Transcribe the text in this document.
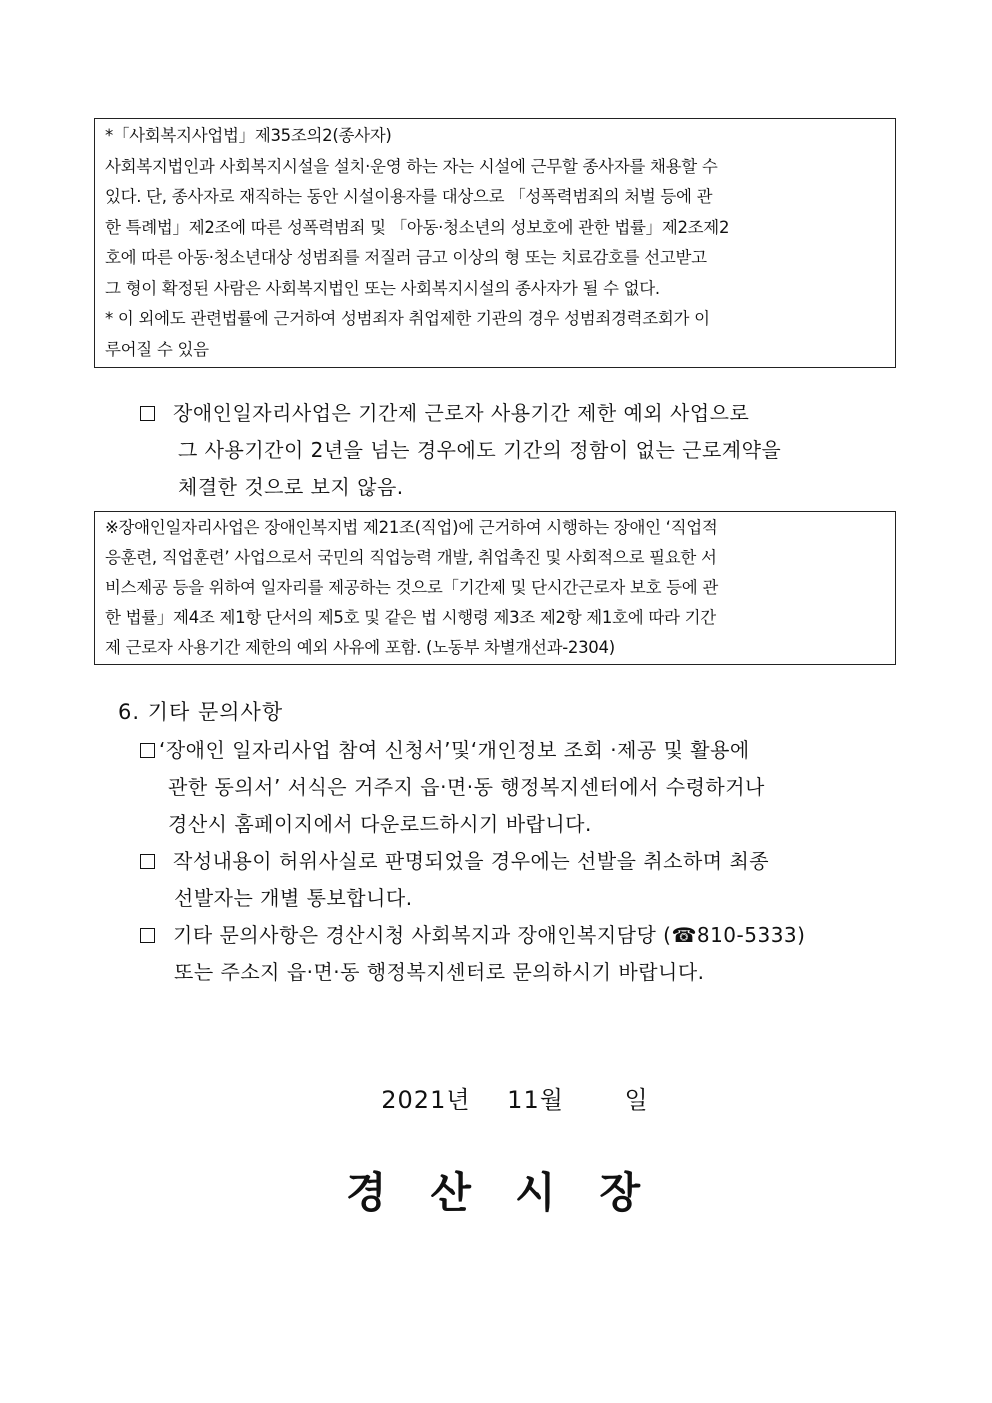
*「사회복지사업법」제35조의2(종사자)
사회복지법인과 사회복지시설을 설치·운영 하는 자는 시설에 근무할 종사자를 채용할 수
있다. 단, 종사자로 재직하는 동안 시설이용자를 대상으로 「성폭력범죄의 처벌 등에 관
한 특례법」제2조에 따른 성폭력범죄 및 「아동·청소년의 성보호에 관한 법률」제2조제2
호에 따른 아동·청소년대상 성범죄를 저질러 금고 이상의 형 또는 치료감호를 선고받고
그 형이 확정된 사람은 사회복지법인 또는 사회복지시설의 종사자가 될 수 없다.
* 이 외에도 관련법률에 근거하여 성범죄자 취업제한 기관의 경우 성범죄경력조회가 이
루어질 수 있음
장애인일자리사업은 기간제 근로자 사용기간 제한 예외 사업으로
그 사용기간이 2년을 넘는 경우에도 기간의 정함이 없는 근로계약을
체결한 것으로 보지 않음.
※장애인일자리사업은 장애인복지법 제21조(직업)에 근거하여 시행하는 장애인 ‘직업적
응훈련, 직업훈련’ 사업으로서 국민의 직업능력 개발, 취업촉진 및 사회적으로 필요한 서
비스제공 등을 위하여 일자리를 제공하는 것으로「기간제 및 단시간근로자 보호 등에 관
한 법률」제4조 제1항 단서의 제5호 및 같은 법 시행령 제3조 제2항 제1호에 따라 기간
제 근로자 사용기간 제한의 예외 사유에 포함. (노동부 차별개선과-2304)
6. 기타 문의사항
‘장애인 일자리사업 참여 신청서’및‘개인정보 조회 ·제공 및 활용에
관한 동의서’ 서식은 거주지 읍·면·동 행정복지센터에서 수령하거나
경산시 홈페이지에서 다운로드하시기 바랍니다.
작성내용이 허위사실로 판명되었을 경우에는 선발을 취소하며 최종
선발자는 개별 통보합니다.
기타 문의사항은 경산시청 사회복지과 장애인복지담당 (☎810-5333)
또는 주소지 읍·면·동 행정복지센터로 문의하시기 바랍니다.
2021년 11월	일
경산시장
